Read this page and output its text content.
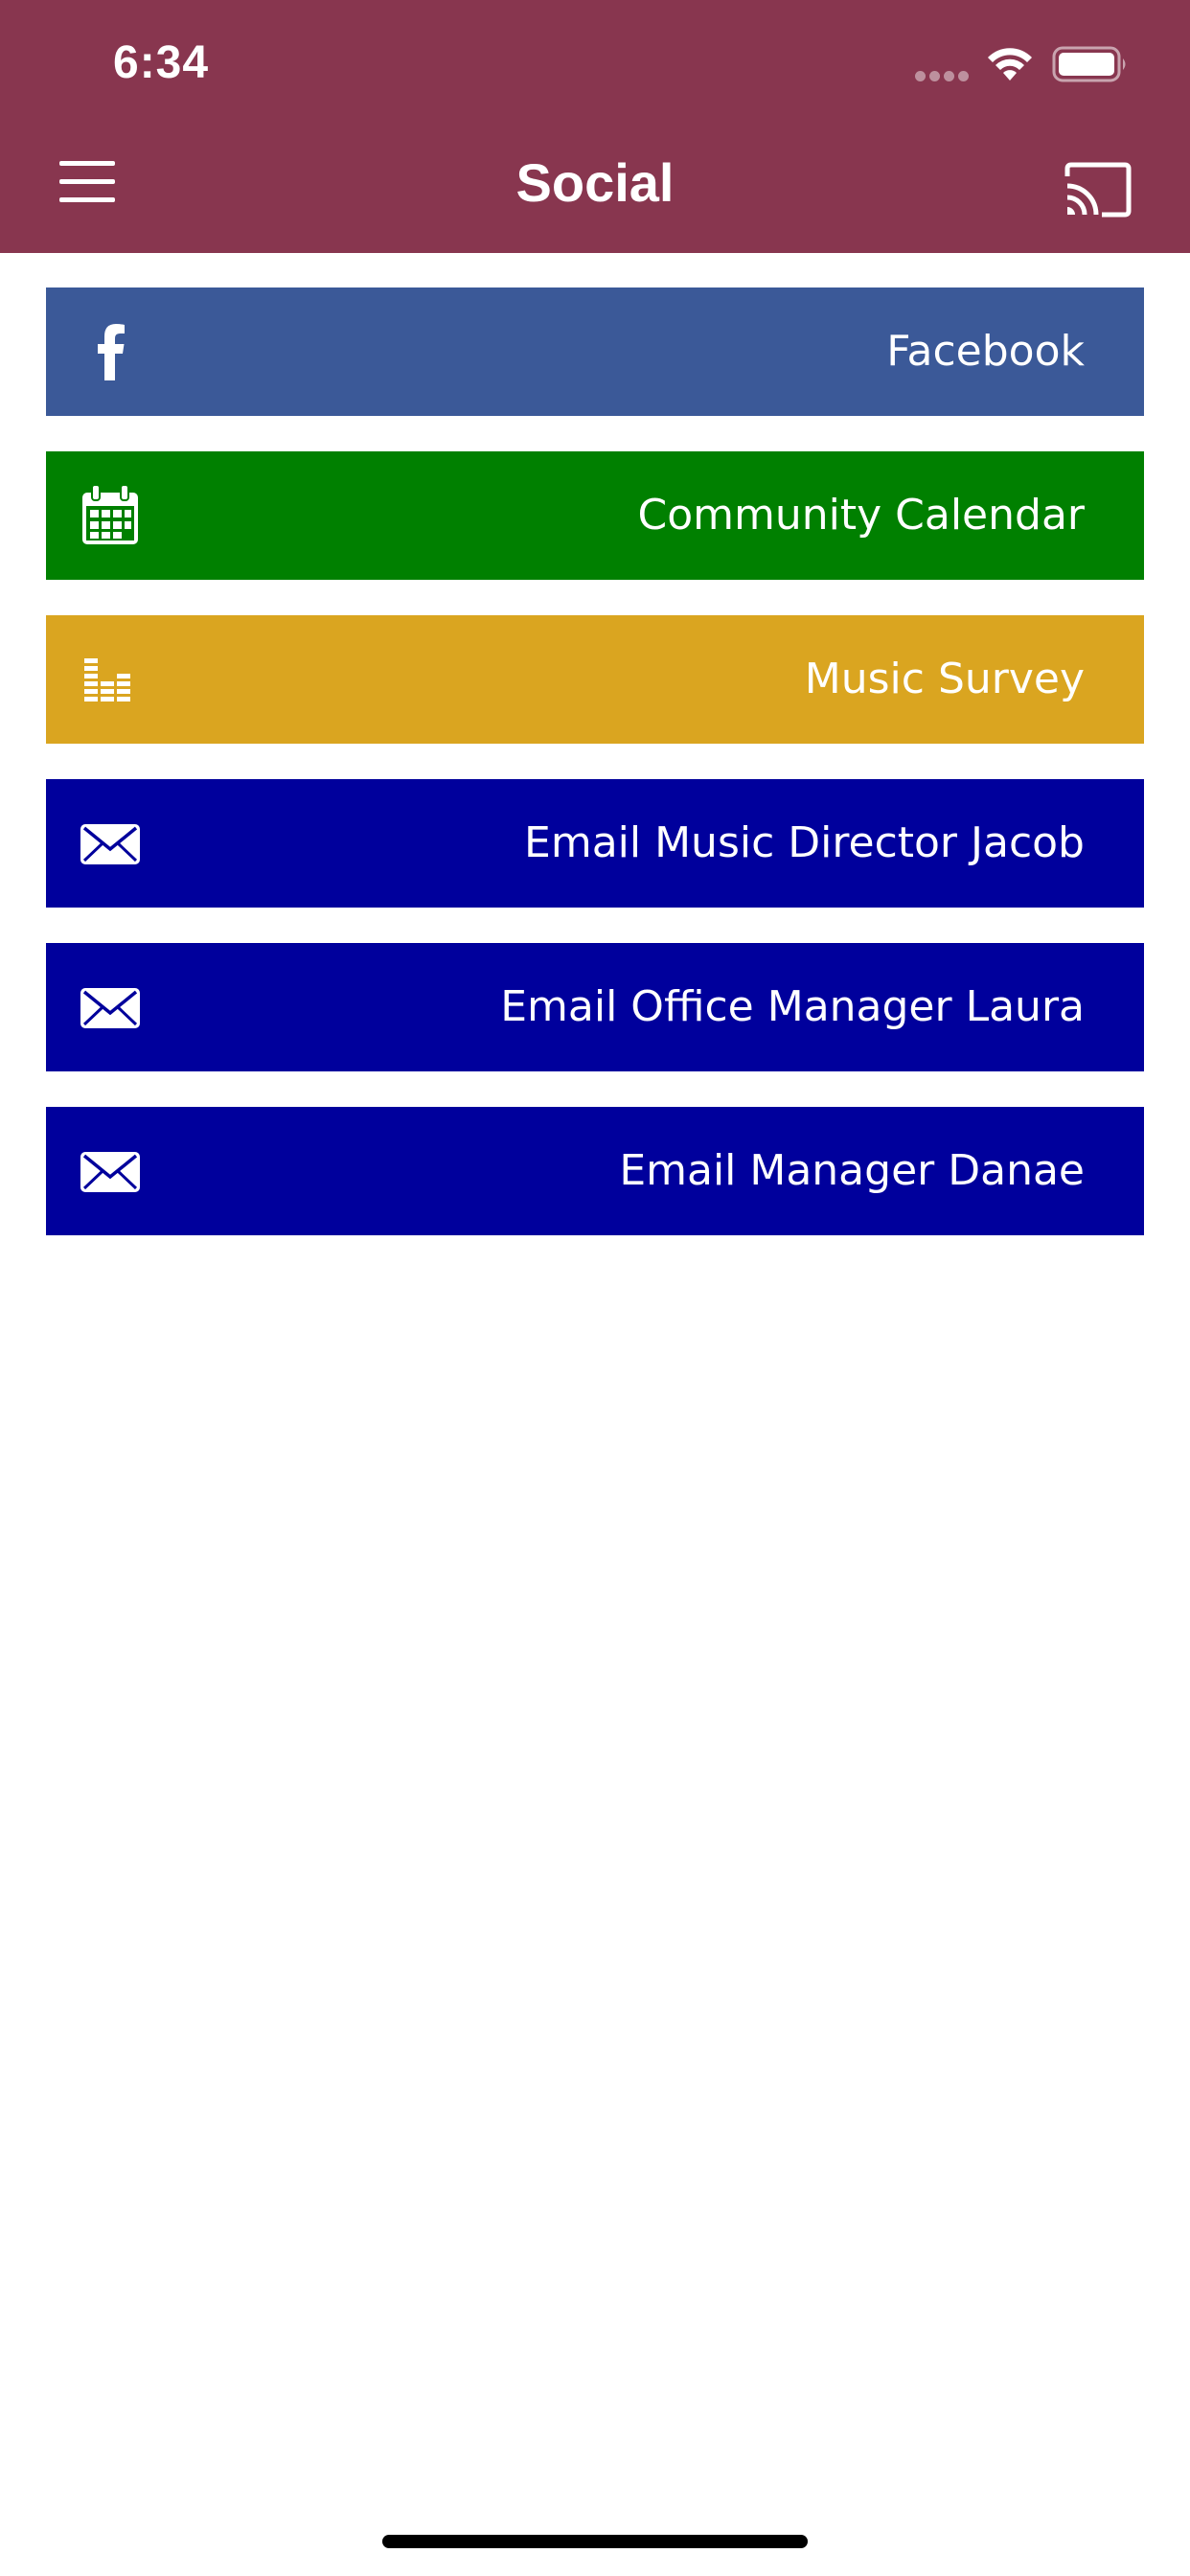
6:34
Social
Facebook
Community Calendar
Music Survey
Email Music Director Jacob
Email Office Manager Laura
Email Manager Danae
